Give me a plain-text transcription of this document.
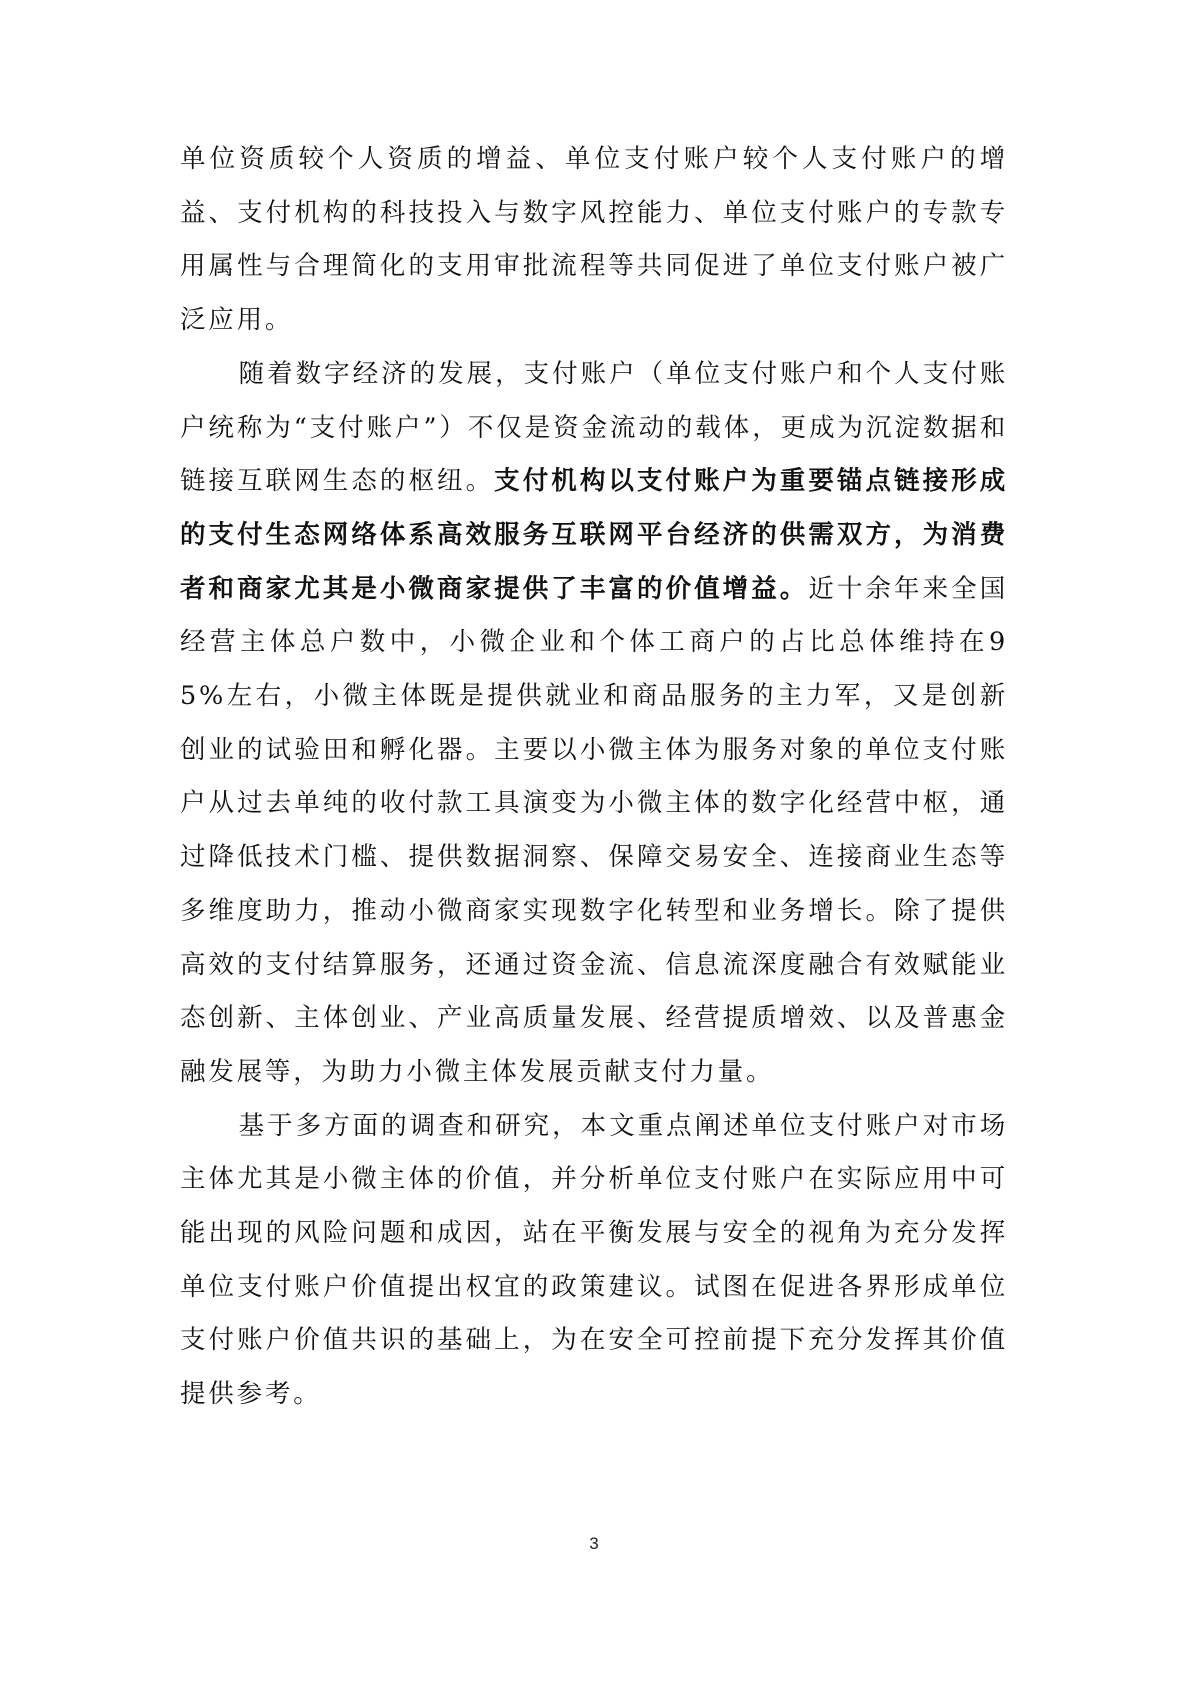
单位资质较个人资质的增益、单位支付账户较个人支付账户的增益、支付机构的科技投入与数字风控能力、单位支付账户的专款专用属性与合理简化的支用审批流程等共同促进了单位支付账户被广泛应用。

随着数字经济的发展，支付账户（单位支付账户和个人支付账户统称为“支付账户”）不仅是资金流动的载体，更成为沉淀数据和链接互联网生态的枢纽。支付机构以支付账户为重要锚点链接形成的支付生态网络体系高效服务互联网平台经济的供需双方，为消费者和商家尤其是小微商家提供了丰富的价值增益。近十余年来全国经营主体总户数中，小微企业和个体工商户的占比总体维持在95%左右，小微主体既是提供就业和商品服务的主力军，又是创新创业的试验田和孵化器。主要以小微主体为服务对象的单位支付账户从过去单纯的收付款工具演变为小微主体的数字化经营中枢，通过降低技术门槛、提供数据洞察、保障交易安全、连接商业生态等多维度助力，推动小微商家实现数字化转型和业务增长。除了提供高效的支付结算服务，还通过资金流、信息流深度融合有效赋能业态创新、主体创业、产业高质量发展、经营提质增效、以及普惠金融发展等，为助力小微主体发展贡献支付力量。

基于多方面的调查和研究，本文重点阐述单位支付账户对市场主体尤其是小微主体的价值，并分析单位支付账户在实际应用中可能出现的风险问题和成因，站在平衡发展与安全的视角为充分发挥单位支付账户价值提出权宜的政策建议。试图在促进各界形成单位支付账户价值共识的基础上，为在安全可控前提下充分发挥其价值提供参考。

3
